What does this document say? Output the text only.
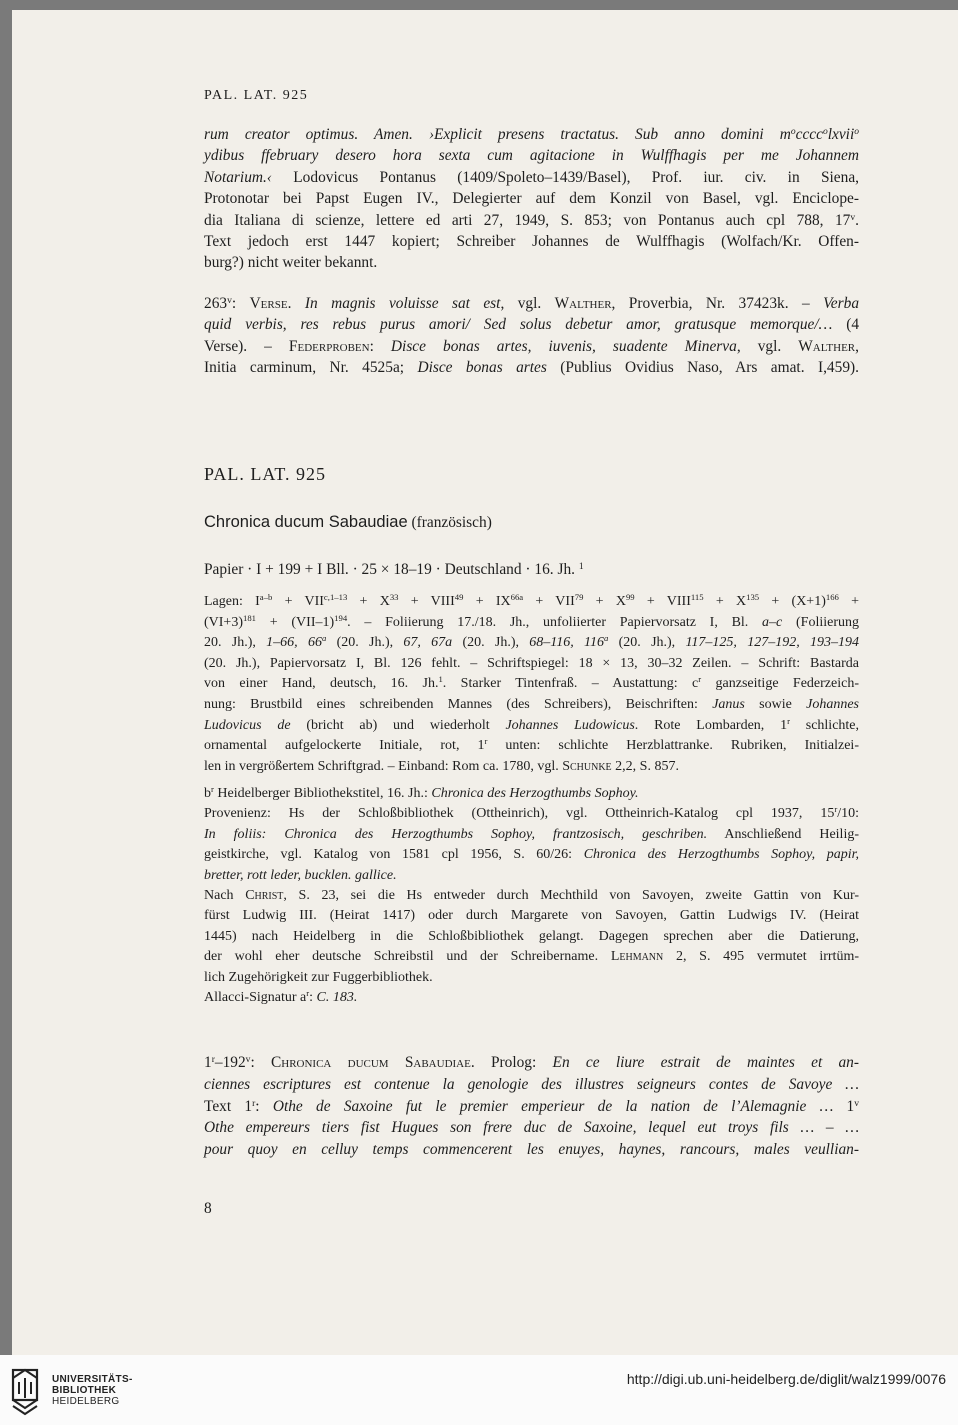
PAL. LAT. 925
rum creator optimus. Amen. ›Explicit presens tractatus. Sub anno domini $m^occcc^olxvii^o$
ydibus ffebruary desero hora sexta cum agitacione in Wulffhagis per me Johannem
Notarium.‹ Lodovicus Pontanus (1409/Spoleto–1439/Basel), Prof. iur. civ. in Siena,
Protonotar bei Papst Eugen IV., Delegierter auf dem Konzil von Basel, vgl. Enciclope-
dia Italiana di scienze, lettere ed arti 27, 1949, S. 853; von Pontanus auch cpl 788, 17$^v$.
Text jedoch erst 1447 kopiert; Schreiber Johannes de Wulffhagis (Wolfach/Kr. Offen-
burg?) nicht weiter bekannt.
263$^v$: Verse. In magnis voluisse sat est, vgl. Walther, Proverbia, Nr. 37423k. – Verba
quid verbis, res rebus purus amori/ Sed solus debetur amor, gratusque memorque/… (4
Verse). – Federproben: Disce bonas artes, iuvenis, suadente Minerva, vgl. Walther,
Initia carminum, Nr. 4525a; Disce bonas artes (Publius Ovidius Naso, Ars amat. I,459).
PAL. LAT. 925
Chronica ducum Sabaudiae (französisch)
Papier · I + 199 + I Bll. · 25 × 18–19 · Deutschland · 16. Jh. $^1$
Lagen: $I^{a-b} + VII^{c,1-13} + X^{33}$ + $VIII^{49} + IX^{66a} + VII^{79} + X^{99}$ + $VIII^{115} + X^{135} + (X+1)^{166}$ +
$(VI+3)^{181} + (VII-1)^{194}$. – Foliierung 17./18. Jh., unfoliierter Papiervorsatz I, Bl. a–c (Foliierung
20. Jh.), 1–66, 66$^a$ (20. Jh.), 67, 67a (20. Jh.), 68–116, 116$^a$ (20. Jh.), 117–125, 127–192, 193–194
(20. Jh.), Papiervorsatz I, Bl. 126 fehlt. – Schriftspiegel: 18 × 13, 30–32 Zeilen. – Schrift: Bastarda
von einer Hand, deutsch, 16. Jh.$^1$. Starker Tintenfraß. – Austattung: $c^r$ ganzseitige Federzeich-
nung: Brustbild eines schreibenden Mannes (des Schreibers), Beischriften: Janus sowie Johannes
Ludovicus de (bricht ab) und wiederholt Johannes Ludowicus. Rote Lombarden, 1$^r$ schlichte,
ornamental aufgelockerte Initiale, rot, 1$^r$ unten: schlichte Herzblattranke. Rubriken, Initialzei-
len in vergrößertem Schriftgrad. – Einband: Rom ca. 1780, vgl. Schunke 2,2, S. 857.
$b^r$ Heidelberger Bibliothekstitel, 16. Jh.: Chronica des Herzogthumbs Sophoy.
Provenienz: Hs der Schloßbibliothek (Ottheinrich), vgl. Ottheinrich-Katalog cpl 1937, 15$^r$/10:
In foliis: Chronica des Herzogthumbs Sophoy, frantzosisch, geschriben. Anschließend Heilig-
geistkirche, vgl. Katalog von 1581 cpl 1956, S. 60/26: Chronica des Herzogthumbs Sophoy, papir,
bretter, rott leder, bucklen. gallice.
Nach Christ, S. 23, sei die Hs entweder durch Mechthild von Savoyen, zweite Gattin von Kur-
fürst Ludwig III. (Heirat 1417) oder durch Margarete von Savoyen, Gattin Ludwigs IV. (Heirat
1445) nach Heidelberg in die Schloßbibliothek gelangt. Dagegen sprechen aber die Datierung,
der wohl eher deutsche Schreibstil und der Schreibername. Lehmann 2, S. 495 vermutet irrtüm-
lich Zugehörigkeit zur Fuggerbibliothek.
Allacci-Signatur $a^r$: C. 183.
1$^r$–192$^v$: Chronica ducum Sabaudiae. Prolog: En ce liure estrait de maintes et an-
ciennes escriptures est contenue la genologie des illustres seigneurs contes de Savoye …
Text 1$^r$: Othe de Saxoine fut le premier emperieur de la nation de l’Alemagnie … 1$^v$
Othe empereurs tiers fist Hugues son frere duc de Saxoine, lequel eut troys fils … – …
pour quoy en celluy temps commencerent les enuyes, haynes, rancours, males veullian-
8
UNIVERSITÄTS-
BIBLIOTHEK
HEIDELBERG
http://digi.ub.uni-heidelberg.de/diglit/walz1999/0076
